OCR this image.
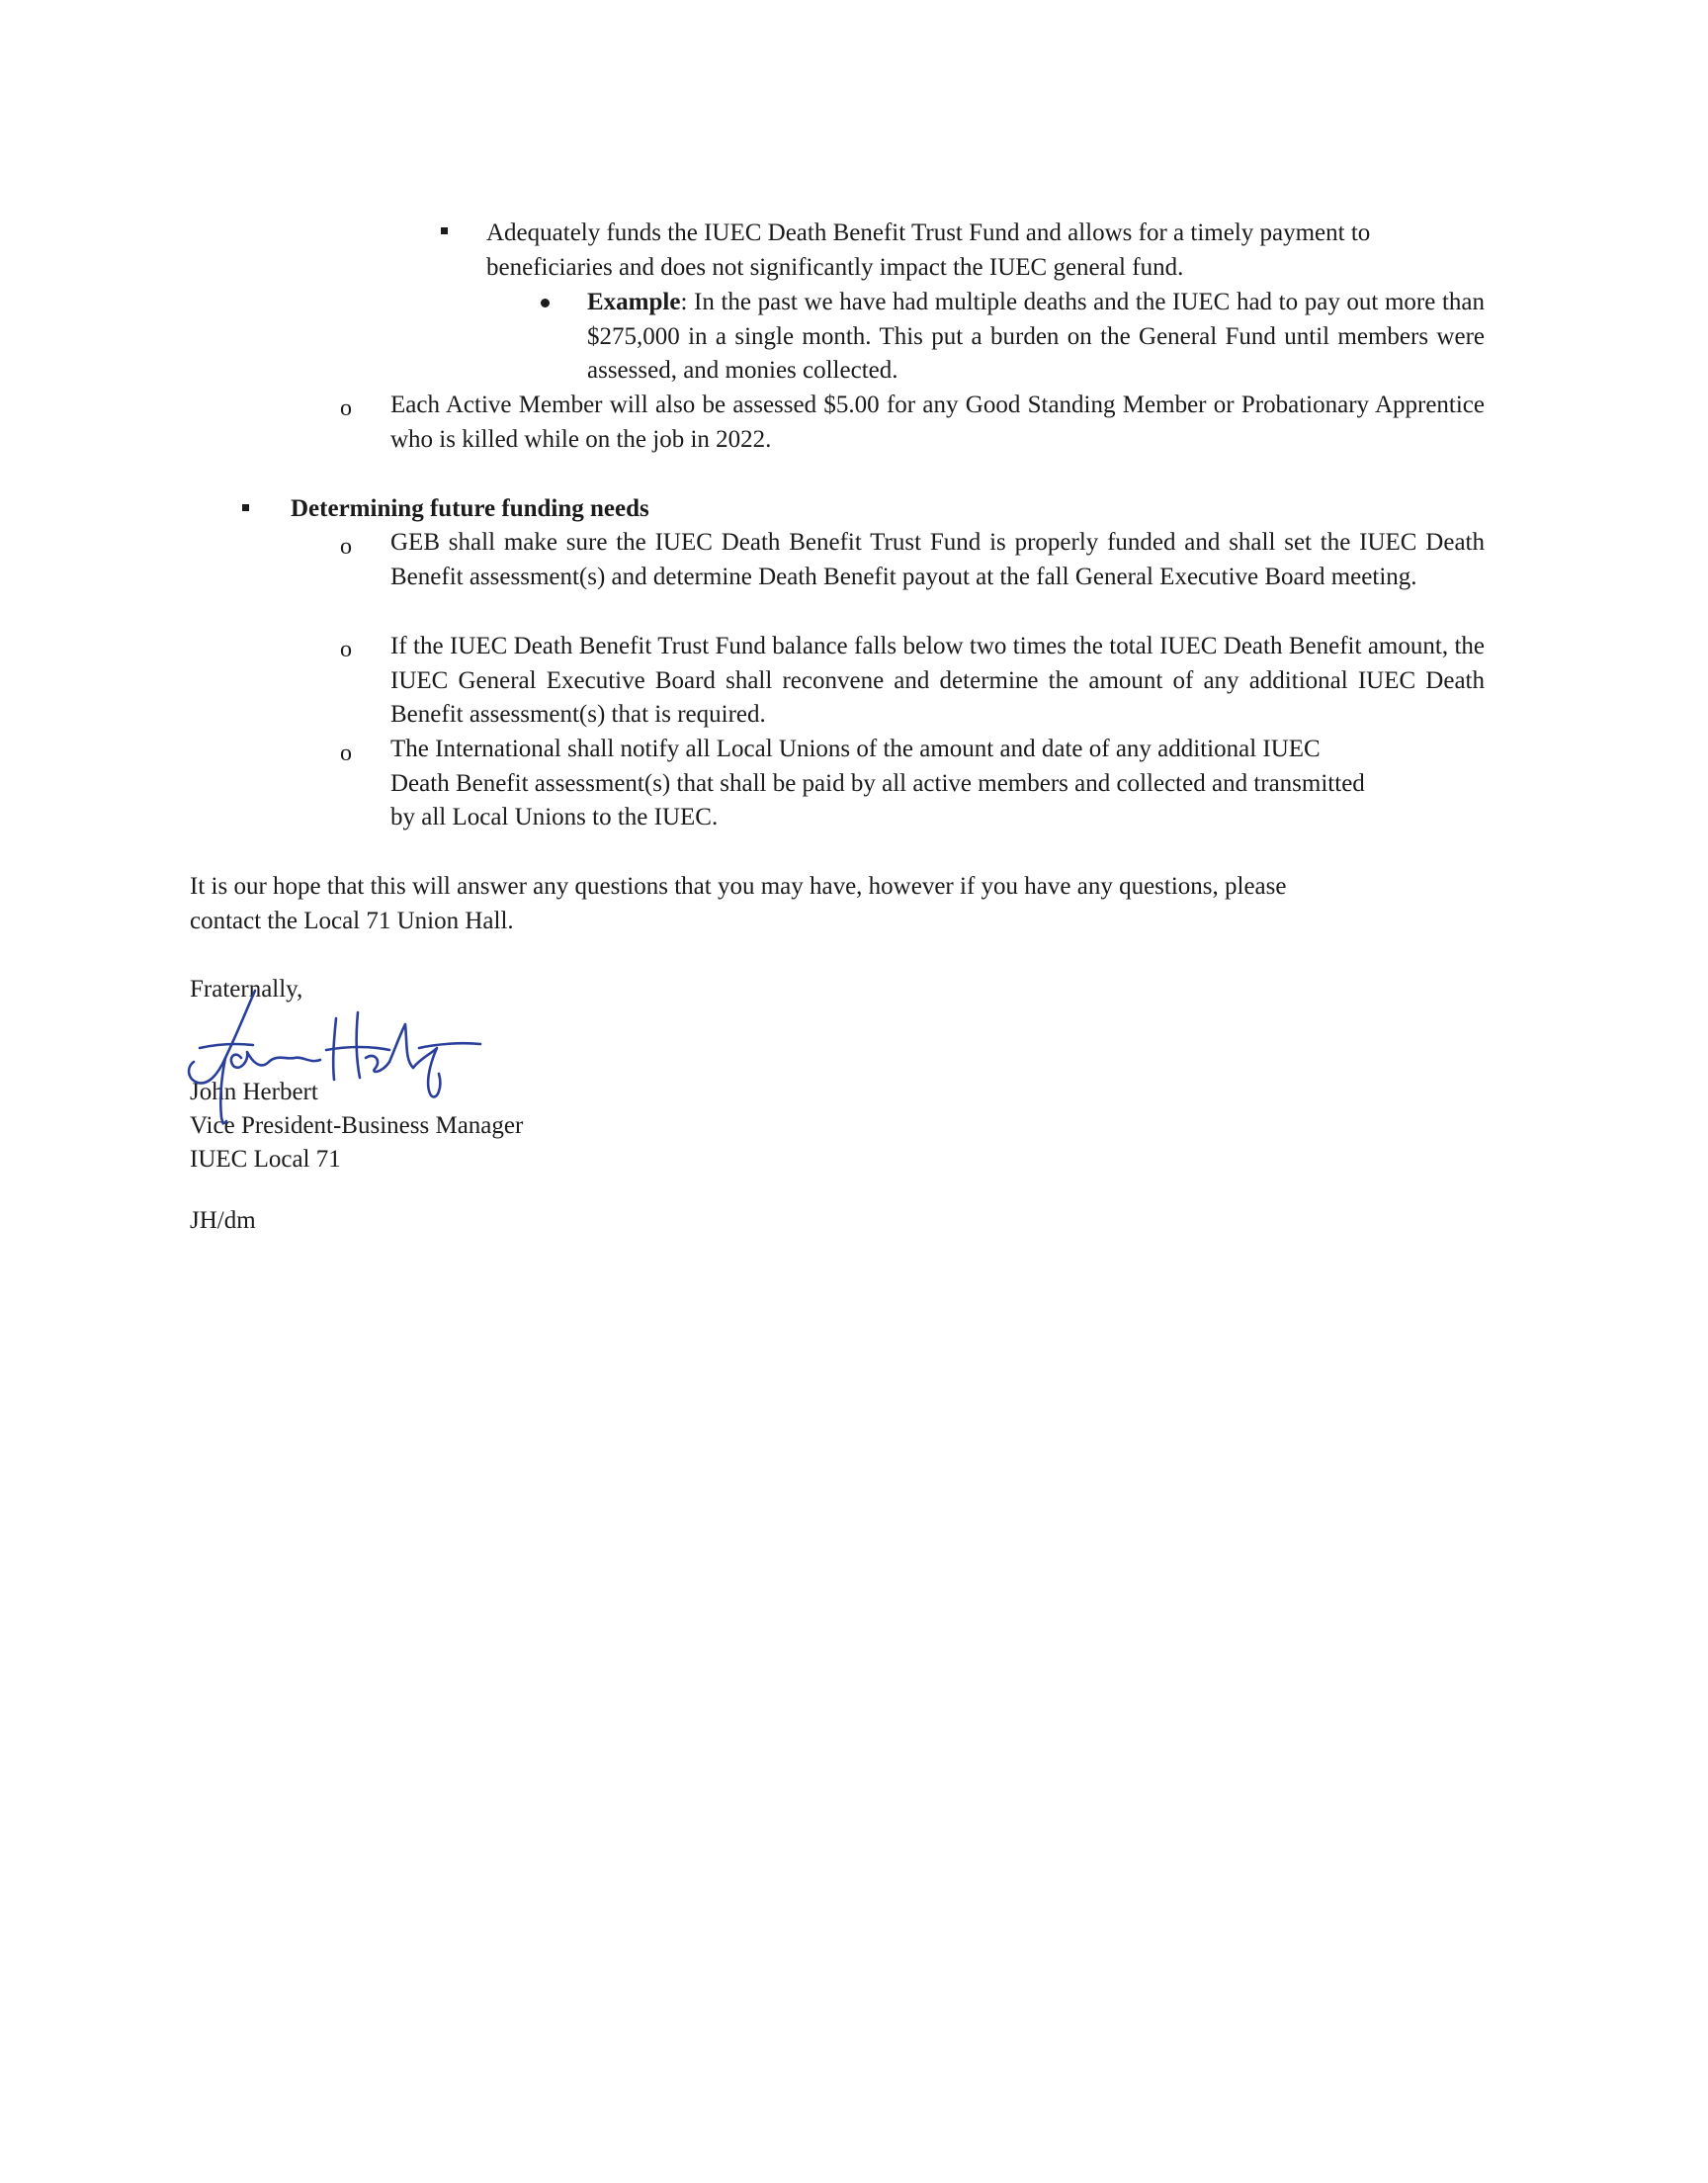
Adequately funds the IUEC Death Benefit Trust Fund and allows for a timely payment to beneficiaries and does not significantly impact the IUEC general fund.

Example: In the past we have had multiple deaths and the IUEC had to pay out more than $275,000 in a single month. This put a burden on the General Fund until members were assessed, and monies collected.

o Each Active Member will also be assessed $5.00 for any Good Standing Member or Probationary Apprentice who is killed while on the job in 2022.

Determining future funding needs

o GEB shall make sure the IUEC Death Benefit Trust Fund is properly funded and shall set the IUEC Death Benefit assessment(s) and determine Death Benefit payout at the fall General Executive Board meeting.

o If the IUEC Death Benefit Trust Fund balance falls below two times the total IUEC Death Benefit amount, the IUEC General Executive Board shall reconvene and determine the amount of any additional IUEC Death Benefit assessment(s) that is required.

o The International shall notify all Local Unions of the amount and date of any additional IUEC
Death Benefit assessment(s) that shall be paid by all active members and collected and transmitted
by all Local Unions to the IUEC.
It is our hope that this will answer any questions that you may have, however if you have any questions, please
contact the Local 71 Union Hall.
Fraternally,
John Herbert
Vice President-Business Manager
IUEC Local 71
JH/dm
